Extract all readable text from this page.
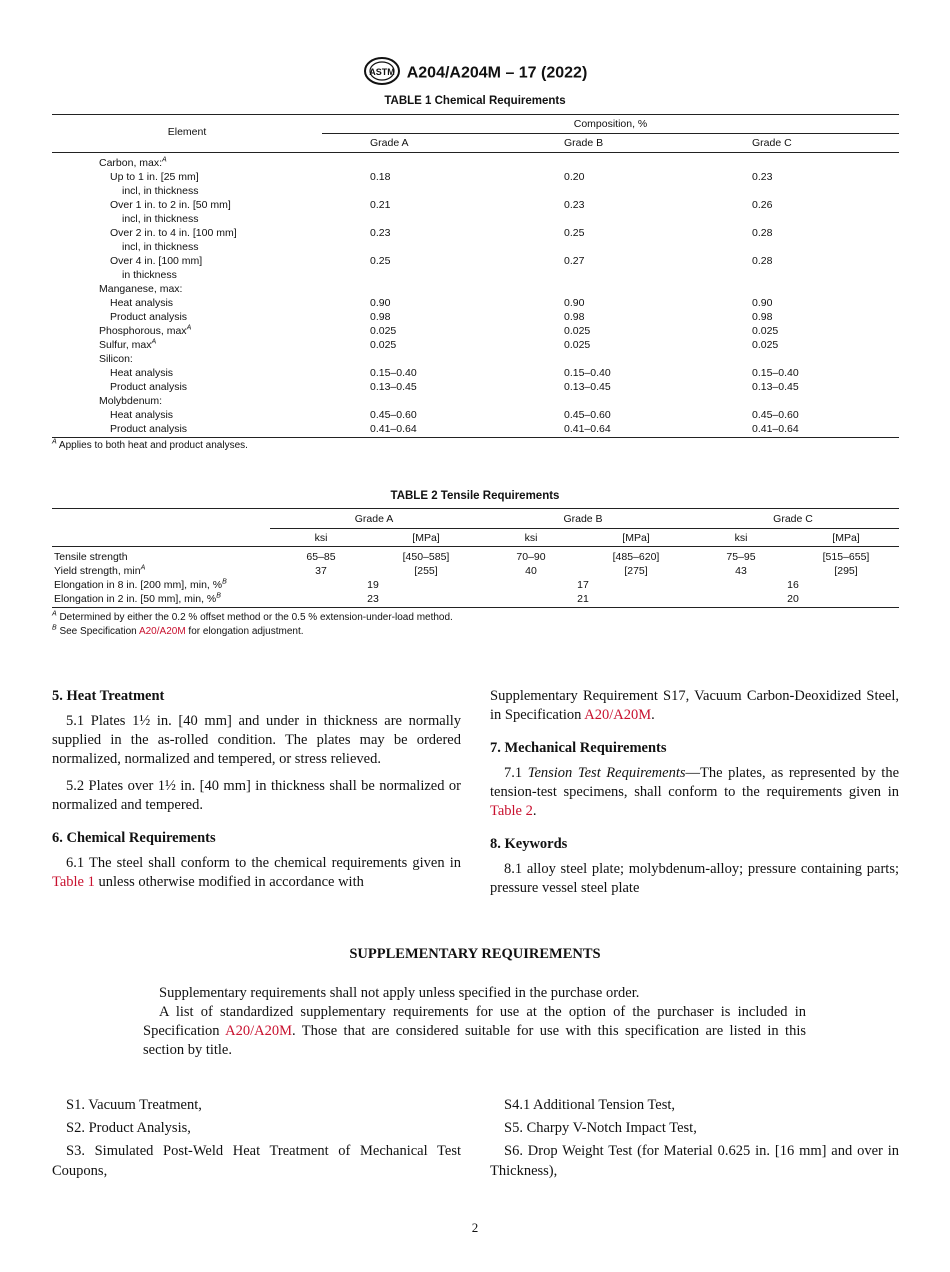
ASTM A204/A204M – 17 (2022)
TABLE 1 Chemical Requirements
Element
Composition, %
Grade A	Grade B	Grade C
Carbon, max:$^A$
Up to 1 in. [25 mm]	0.18	0.20	0.23
incl, in thickness
Over 1 in. to 2 in. [50 mm]	0.21	0.23	0.26
incl, in thickness
Over 2 in. to 4 in. [100 mm]	0.23	0.25	0.28
incl, in thickness
Over 4 in. [100 mm]	0.25	0.27	0.28
in thickness
Manganese, max:
Heat analysis	0.90	0.90	0.90
Product analysis	0.98	0.98	0.98
Phosphorous, $\max^A$	0.025	0.025	0.025
Sulfur, $\max^A$	0.025	0.025	0.025
Silicon:
Heat analysis	0.15–0.40	0.15–0.40	0.15–0.40
Product analysis	0.13–0.45	0.13–0.45	0.13–0.45
Molybdenum:
Heat analysis	0.45–0.60	0.45–0.60	0.45–0.60
Product analysis	0.41–0.64	0.41–0.64	0.41–0.64
$^A$ Applies to both heat and product analyses.
TABLE 2 Tensile Requirements
Grade A	Grade B	Grade C
ksi	[MPa]	ksi	[MPa]	ksi	[MPa]
Tensile strength	65–85	[450–585]	70–90	[485–620]	75–95	[515–655]
Yield strength, $\min^A$	37	[255]	40	[275]	43	[295]
Elongation in 8 in. [200 mm], min, %$^B$	19	17	16
Elongation in 2 in. [50 mm], min, %$^B$	23	21	20
$^A$ Determined by either the 0.2 % offset method or the 0.5 % extension-under-load method.
$^B$ See Specification A20/A20M for elongation adjustment.
5. Heat Treatment

5.1 Plates 1½ in. [40 mm] and under in thickness are normally supplied in the as-rolled condition. The plates may be ordered normalized, normalized and tempered, or stress relieved.

5.2 Plates over 1½ in. [40 mm] in thickness shall be normalized or normalized and tempered.

6. Chemical Requirements

6.1 The steel shall conform to the chemical requirements given in Table 1 unless otherwise modified in accordance with

Supplementary Requirement S17, Vacuum Carbon-Deoxidized Steel, in Specification A20/A20M.

7. Mechanical Requirements

7.1 Tension Test Requirements—The plates, as represented by the tension-test specimens, shall conform to the requirements given in Table 2.

8. Keywords

8.1 alloy steel plate; molybdenum-alloy; pressure containing parts; pressure vessel steel plate

SUPPLEMENTARY REQUIREMENTS

Supplementary requirements shall not apply unless specified in the purchase order.

A list of standardized supplementary requirements for use at the option of the purchaser is included in Specification A20/A20M. Those that are considered suitable for use with this specification are listed in this section by title.

S1. Vacuum Treatment,

S2. Product Analysis,

S3. Simulated Post-Weld Heat Treatment of Mechanical Test Coupons,

S4.1 Additional Tension Test,

S5. Charpy V-Notch Impact Test,

S6. Drop Weight Test (for Material 0.625 in. [16 mm] and over in Thickness),

2
